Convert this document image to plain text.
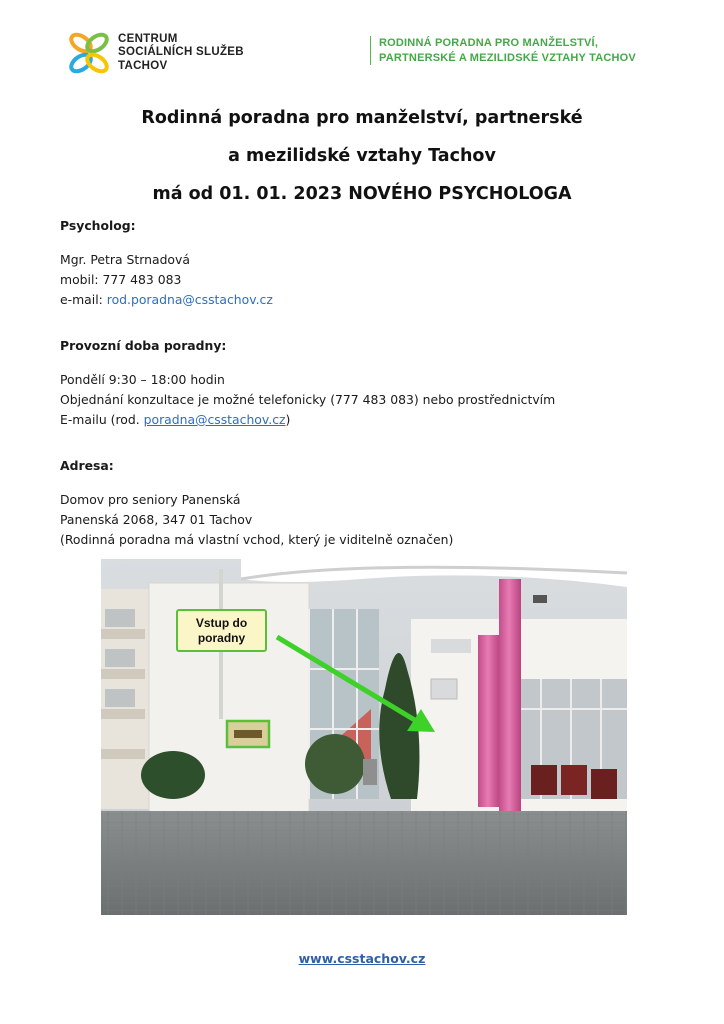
CENTRUM
SOCIÁLNÍCH SLUŽEB
TACHOV
RODINNÁ PORADNA PRO MANŽELSTVÍ,
PARTNERSKÉ A MEZILIDSKÉ VZTAHY TACHOV
Rodinná poradna pro manželství, partnerské
a mezilidské vztahy Tachov
má od 01. 01. 2023 NOVÉHO PSYCHOLOGA
Psycholog:
Mgr. Petra Strnadová
mobil: 777 483 083
e-mail: rod.poradna@csstachov.cz
Provozní doba poradny:
Pondělí 9:30 – 18:00 hodin
Objednání konzultace je možné telefonicky (777 483 083) nebo prostřednictvím
E-mailu (rod. poradna@csstachov.cz)
Adresa:
Domov pro seniory Panenská
Panenská 2068, 347 01 Tachov
(Rodinná poradna má vlastní vchod, který je viditelně označen)
Vstup do
poradny
www.csstachov.cz
